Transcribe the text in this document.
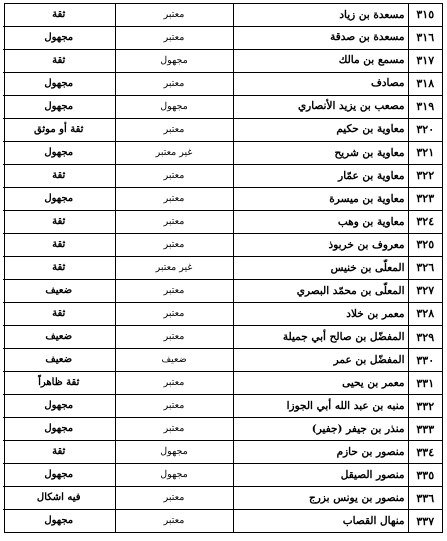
٣١٥	مسعدة بن زياد	معتبر	ثقة
٣١٦	مسعدة بن صدقة	معتبر	مجهول
٣١٧	مسمع بن مالك	مجهول	ثقة
٣١٨	مصادف	معتبر	مجهول
٣١٩	مصعب بن يزيد الأنصاري	مجهول	مجهول
٣٢٠	معاوية بن حكيم	معتبر	ثقة أو موثق
٣٢١	معاوية بن شريح	غير معتبر	مجهول
٣٢٢	معاوية بن عمّار	معتبر	ثقة
٣٢٣	معاوية بن ميسرة	معتبر	مجهول
٣٢٤	معاوية بن وهب	معتبر	ثقة
٣٢٥	معروف بن خربوذ	معتبر	ثقة
٣٢٦	المعلّى بن خنيس	غير معتبر	ثقة
٣٢٧	المعلّى بن محمّد البصري	معتبر	ضعيف
٣٢٨	معمر بن خلاد	معتبر	ثقة
٣٢٩	المفضّل بن صالح أبي جميلة	معتبر	ضعيف
٣٣٠	المفضّل بن عمر	ضعيف	ضعيف
٣٣١	معمر بن يحيى	معتبر	ثقة ظاهراً
٣٣٢	منبه بن عبد الله أبي الجوزا	معتبر	مجهول
٣٣٣	منذر بن جيفر (جفير)	معتبر	مجهول
٣٣٤	منصور بن حازم	مجهول	ثقة
٣٣٥	منصور الصيقل	مجهول	مجهول
٣٣٦	منصور بن يونس بزرج	معتبر	فيه اشكال
٣٣٧	منهال القصاب	معتبر	مجهول
